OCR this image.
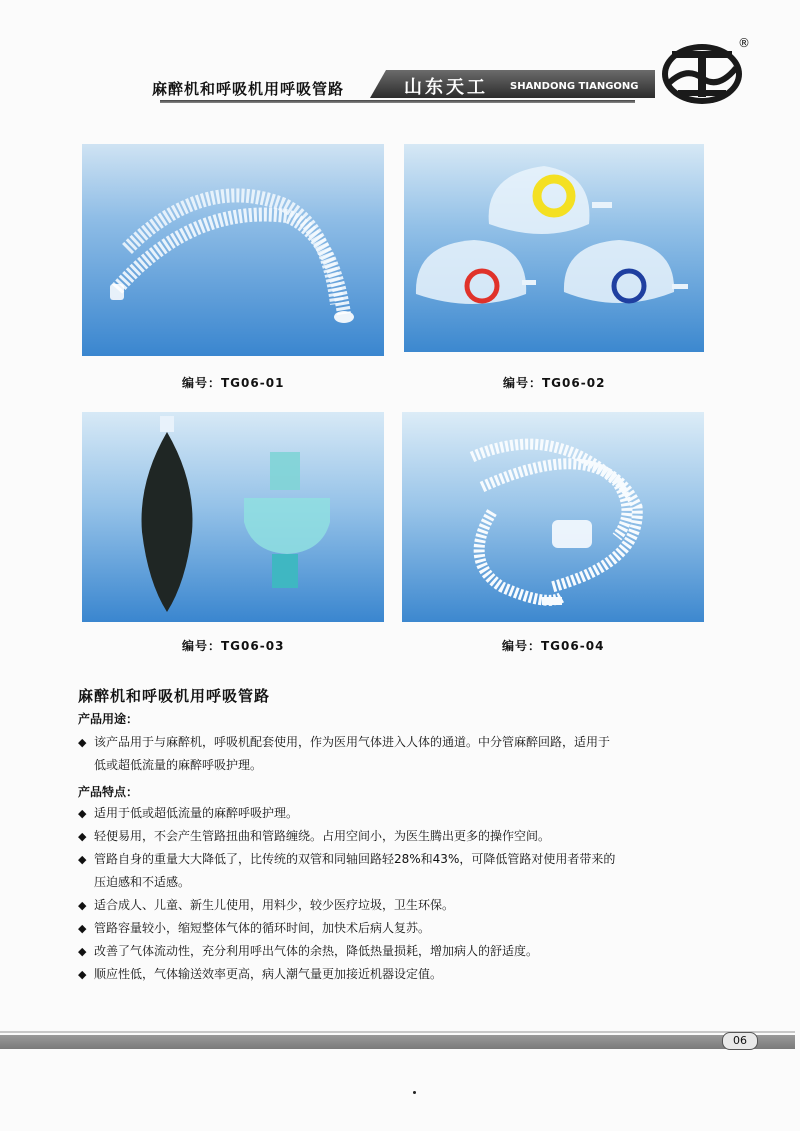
麻醉机和呼吸机用呼吸管路	山东天工 SHANDONG TIANGONG
®
编号：TG06-01	编号：TG06-02
编号：TG06-03	编号：TG06-04
麻醉机和呼吸机用呼吸管路
产品用途：
◆ 该产品用于与麻醉机，呼吸机配套使用，作为医用气体进入人体的通道。中分管麻醉回路，适用于
低或超低流量的麻醉呼吸护理。
产品特点：
◆ 适用于低或超低流量的麻醉呼吸护理。
◆ 轻便易用，不会产生管路扭曲和管路缠绕。占用空间小，为医生腾出更多的操作空间。
◆ 管路自身的重量大大降低了，比传统的双管和同轴回路轻28%和43%，可降低管路对使用者带来的
压迫感和不适感。
◆ 适合成人、儿童、新生儿使用，用料少，较少医疗垃圾，卫生环保。
◆ 管路容量较小，缩短整体气体的循环时间，加快术后病人复苏。
◆ 改善了气体流动性，充分利用呼出气体的余热，降低热量损耗，增加病人的舒适度。
◆ 顺应性低，气体输送效率更高，病人潮气量更加接近机器设定值。
06
